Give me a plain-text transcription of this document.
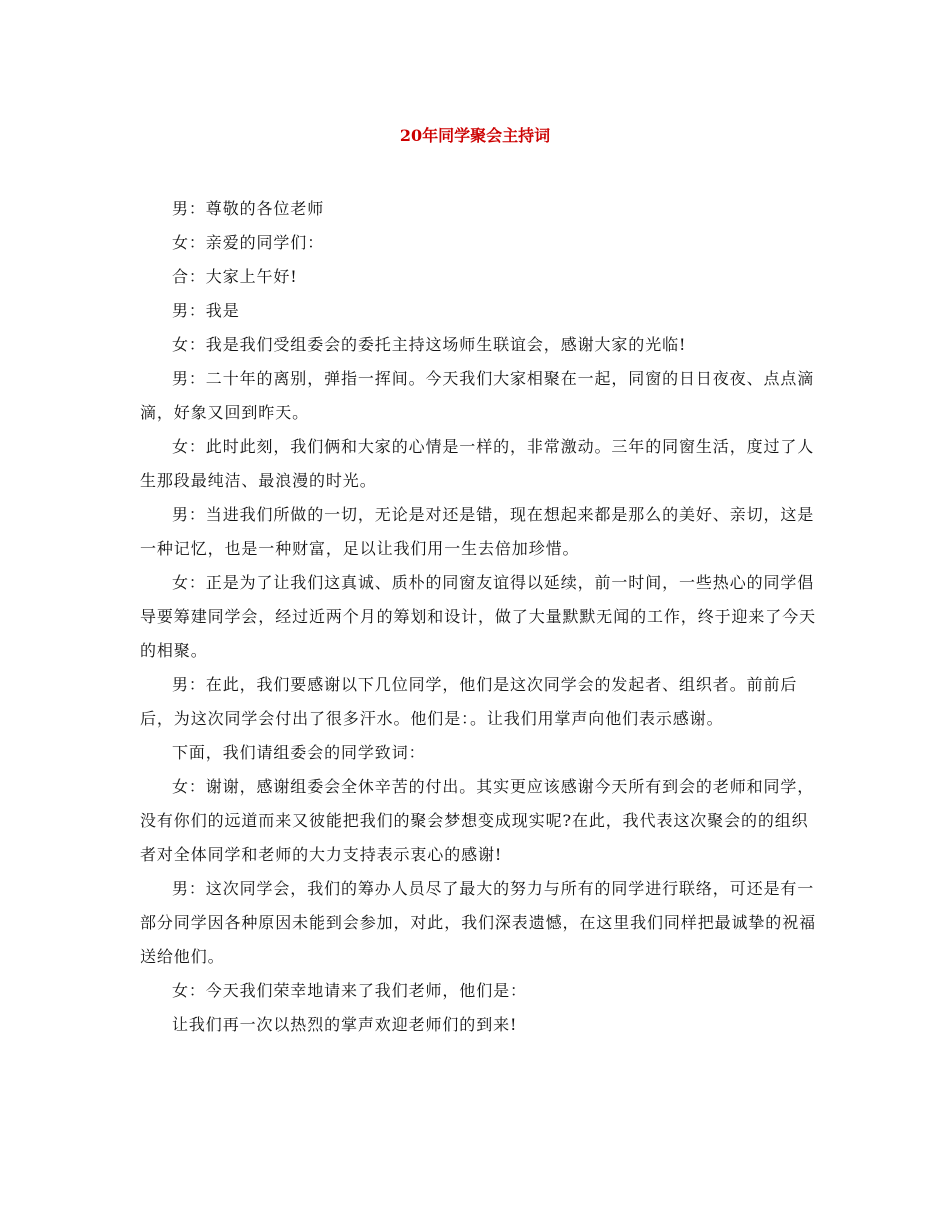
20年同学聚会主持词

男：尊敬的各位老师

女：亲爱的同学们：

合：大家上午好!

男：我是

女：我是我们受组委会的委托主持这场师生联谊会，感谢大家的光临!

男：二十年的离别，弹指一挥间。今天我们大家相聚在一起，同窗的日日夜夜、点点滴滴，好象又回到昨天。

女：此时此刻，我们俩和大家的心情是一样的，非常激动。三年的同窗生活，度过了人生那段最纯洁、最浪漫的时光。

男：当进我们所做的一切，无论是对还是错，现在想起来都是那么的美好、亲切，这是一种记忆，也是一种财富，足以让我们用一生去倍加珍惜。

女：正是为了让我们这真诚、质朴的同窗友谊得以延续，前一时间，一些热心的同学倡导要筹建同学会，经过近两个月的筹划和设计，做了大量默默无闻的工作，终于迎来了今天的相聚。

男：在此，我们要感谢以下几位同学，他们是这次同学会的发起者、组织者。前前后后，为这次同学会付出了很多汗水。他们是：。让我们用掌声向他们表示感谢。

下面，我们请组委会的同学致词：

女：谢谢，感谢组委会全休辛苦的付出。其实更应该感谢今天所有到会的老师和同学，没有你们的远道而来又彼能把我们的聚会梦想变成现实呢?在此，我代表这次聚会的的组织者对全体同学和老师的大力支持表示衷心的感谢!

男：这次同学会，我们的筹办人员尽了最大的努力与所有的同学进行联络，可还是有一部分同学因各种原因未能到会参加，对此，我们深表遗憾，在这里我们同样把最诚挚的祝福送给他们。

女：今天我们荣幸地请来了我们老师，他们是：

让我们再一次以热烈的掌声欢迎老师们的到来!
